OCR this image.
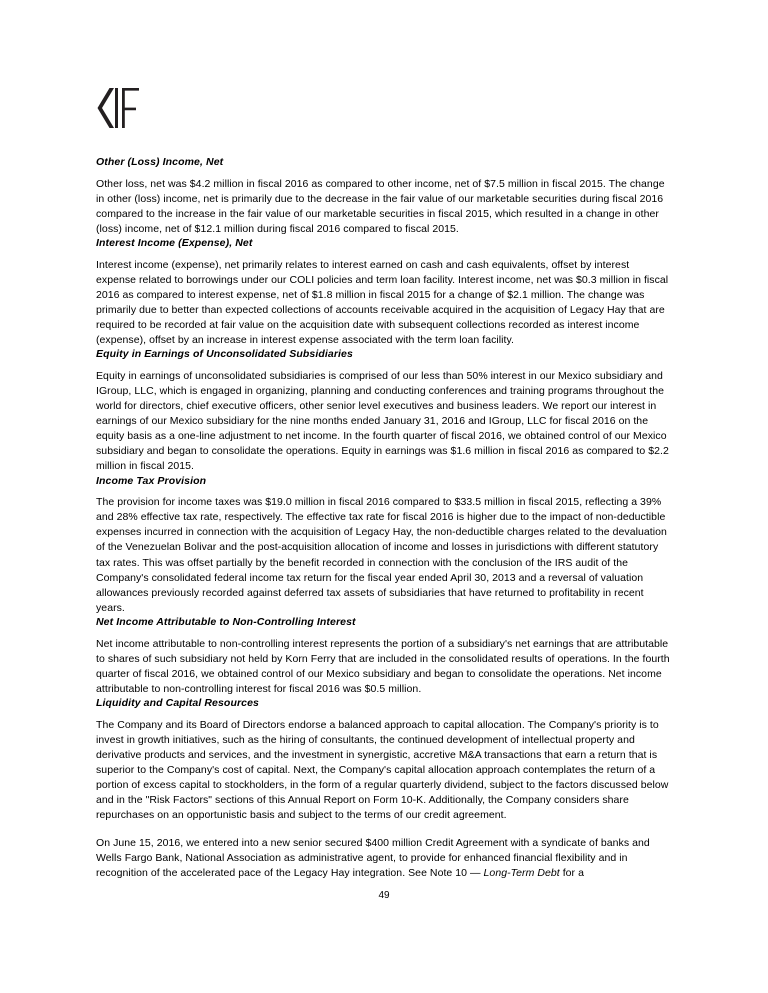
Other (Loss) Income, Net

Other loss, net was $4.2 million in fiscal 2016 as compared to other income, net of $7.5 million in fiscal 2015. The change in other (loss) income, net is primarily due to the decrease in the fair value of our marketable securities during fiscal 2016 compared to the increase in the fair value of our marketable securities in fiscal 2015, which resulted in a change in other (loss) income, net of $12.1 million during fiscal 2016 compared to fiscal 2015.

Interest Income (Expense), Net

Interest income (expense), net primarily relates to interest earned on cash and cash equivalents, offset by interest expense related to borrowings under our COLI policies and term loan facility. Interest income, net was $0.3 million in fiscal 2016 as compared to interest expense, net of $1.8 million in fiscal 2015 for a change of $2.1 million. The change was primarily due to better than expected collections of accounts receivable acquired in the acquisition of Legacy Hay that are required to be recorded at fair value on the acquisition date with subsequent collections recorded as interest income (expense), offset by an increase in interest expense associated with the term loan facility.

Equity in Earnings of Unconsolidated Subsidiaries

Equity in earnings of unconsolidated subsidiaries is comprised of our less than 50% interest in our Mexico subsidiary and IGroup, LLC, which is engaged in organizing, planning and conducting conferences and training programs throughout the world for directors, chief executive officers, other senior level executives and business leaders. We report our interest in earnings of our Mexico subsidiary for the nine months ended January 31, 2016 and IGroup, LLC for fiscal 2016 on the equity basis as a one-line adjustment to net income. In the fourth quarter of fiscal 2016, we obtained control of our Mexico subsidiary and began to consolidate the operations. Equity in earnings was $1.6 million in fiscal 2016 as compared to $2.2 million in fiscal 2015.

Income Tax Provision

The provision for income taxes was $19.0 million in fiscal 2016 compared to $33.5 million in fiscal 2015, reflecting a 39% and 28% effective tax rate, respectively. The effective tax rate for fiscal 2016 is higher due to the impact of non-deductible expenses incurred in connection with the acquisition of Legacy Hay, the non-deductible charges related to the devaluation of the Venezuelan Bolivar and the post-acquisition allocation of income and losses in jurisdictions with different statutory tax rates. This was offset partially by the benefit recorded in connection with the conclusion of the IRS audit of the Company's consolidated federal income tax return for the fiscal year ended April 30, 2013 and a reversal of valuation allowances previously recorded against deferred tax assets of subsidiaries that have returned to profitability in recent years.

Net Income Attributable to Non-Controlling Interest

Net income attributable to non-controlling interest represents the portion of a subsidiary's net earnings that are attributable to shares of such subsidiary not held by Korn Ferry that are included in the consolidated results of operations. In the fourth quarter of fiscal 2016, we obtained control of our Mexico subsidiary and began to consolidate the operations. Net income attributable to non-controlling interest for fiscal 2016 was $0.5 million.

Liquidity and Capital Resources

The Company and its Board of Directors endorse a balanced approach to capital allocation. The Company's priority is to invest in growth initiatives, such as the hiring of consultants, the continued development of intellectual property and derivative products and services, and the investment in synergistic, accretive M&A transactions that earn a return that is superior to the Company's cost of capital. Next, the Company's capital allocation approach contemplates the return of a portion of excess capital to stockholders, in the form of a regular quarterly dividend, subject to the factors discussed below and in the "Risk Factors" sections of this Annual Report on Form 10-K. Additionally, the Company considers share repurchases on an opportunistic basis and subject to the terms of our credit agreement.

On June 15, 2016, we entered into a new senior secured $400 million Credit Agreement with a syndicate of banks and Wells Fargo Bank, National Association as administrative agent, to provide for enhanced financial flexibility and in recognition of the accelerated pace of the Legacy Hay integration. See Note 10 — Long-Term Debt for a

49
